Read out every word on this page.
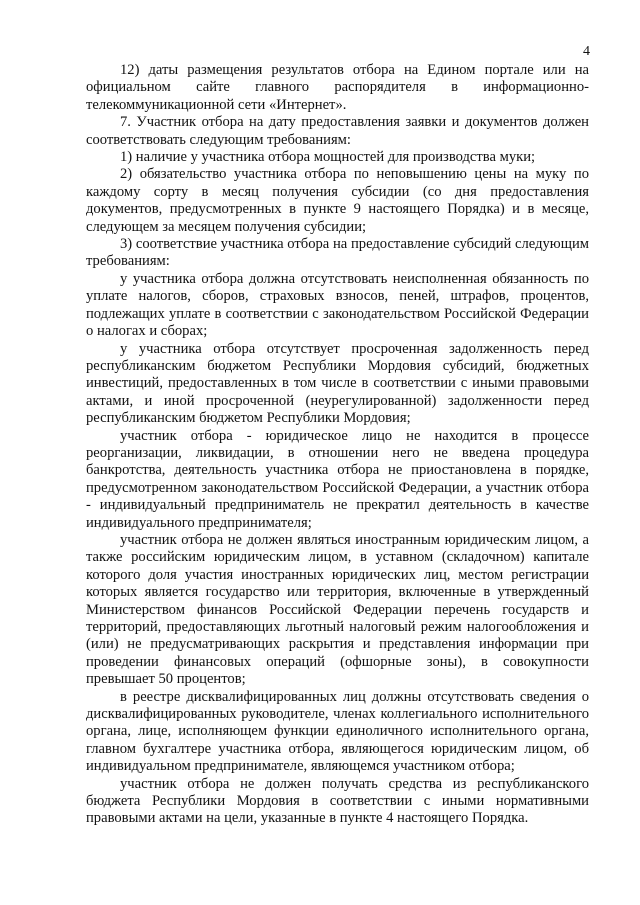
4

12) даты размещения результатов отбора на Едином портале или на официальном сайте главного распорядителя в информационно-телекоммуникационной сети «Интернет».

7. Участник отбора на дату предоставления заявки и документов должен соответствовать следующим требованиям:

1) наличие у участника отбора мощностей для производства муки;

2) обязательство участника отбора по неповышению цены на муку по каждому сорту в месяц получения субсидии (со дня предоставления документов, предусмотренных в пункте 9 настоящего Порядка) и в месяце, следующем за месяцем получения субсидии;

3) соответствие участника отбора на предоставление субсидий следующим требованиям:

у участника отбора должна отсутствовать неисполненная обязанность по уплате налогов, сборов, страховых взносов, пеней, штрафов, процентов, подлежащих уплате в соответствии с законодательством Российской Федерации о налогах и сборах;

у участника отбора отсутствует просроченная задолженность перед республиканским бюджетом Республики Мордовия субсидий, бюджетных инвестиций, предоставленных в том числе в соответствии с иными правовыми актами, и иной просроченной (неурегулированной) задолженности перед республиканским бюджетом Республики Мордовия;

участник отбора - юридическое лицо не находится в процессе реорганизации, ликвидации, в отношении него не введена процедура банкротства, деятельность участника отбора не приостановлена в порядке, предусмотренном законодательством Российской Федерации, а участник отбора - индивидуальный предприниматель не прекратил деятельность в качестве индивидуального предпринимателя;

участник отбора не должен являться иностранным юридическим лицом, а также российским юридическим лицом, в уставном (складочном) капитале которого доля участия иностранных юридических лиц, местом регистрации которых является государство или территория, включенные в утвержденный Министерством финансов Российской Федерации перечень государств и территорий, предоставляющих льготный налоговый режим налогообложения и (или) не предусматривающих раскрытия и представления информации при проведении финансовых операций (офшорные зоны), в совокупности превышает 50 процентов;

в реестре дисквалифицированных лиц должны отсутствовать сведения о дисквалифицированных руководителе, членах коллегиального исполнительного органа, лице, исполняющем функции единоличного исполнительного органа, главном бухгалтере участника отбора, являющегося юридическим лицом, об индивидуальном предпринимателе, являющемся участником отбора;

участник отбора не должен получать средства из республиканского бюджета Республики Мордовия в соответствии с иными нормативными правовыми актами на цели, указанные в пункте 4 настоящего Порядка.
